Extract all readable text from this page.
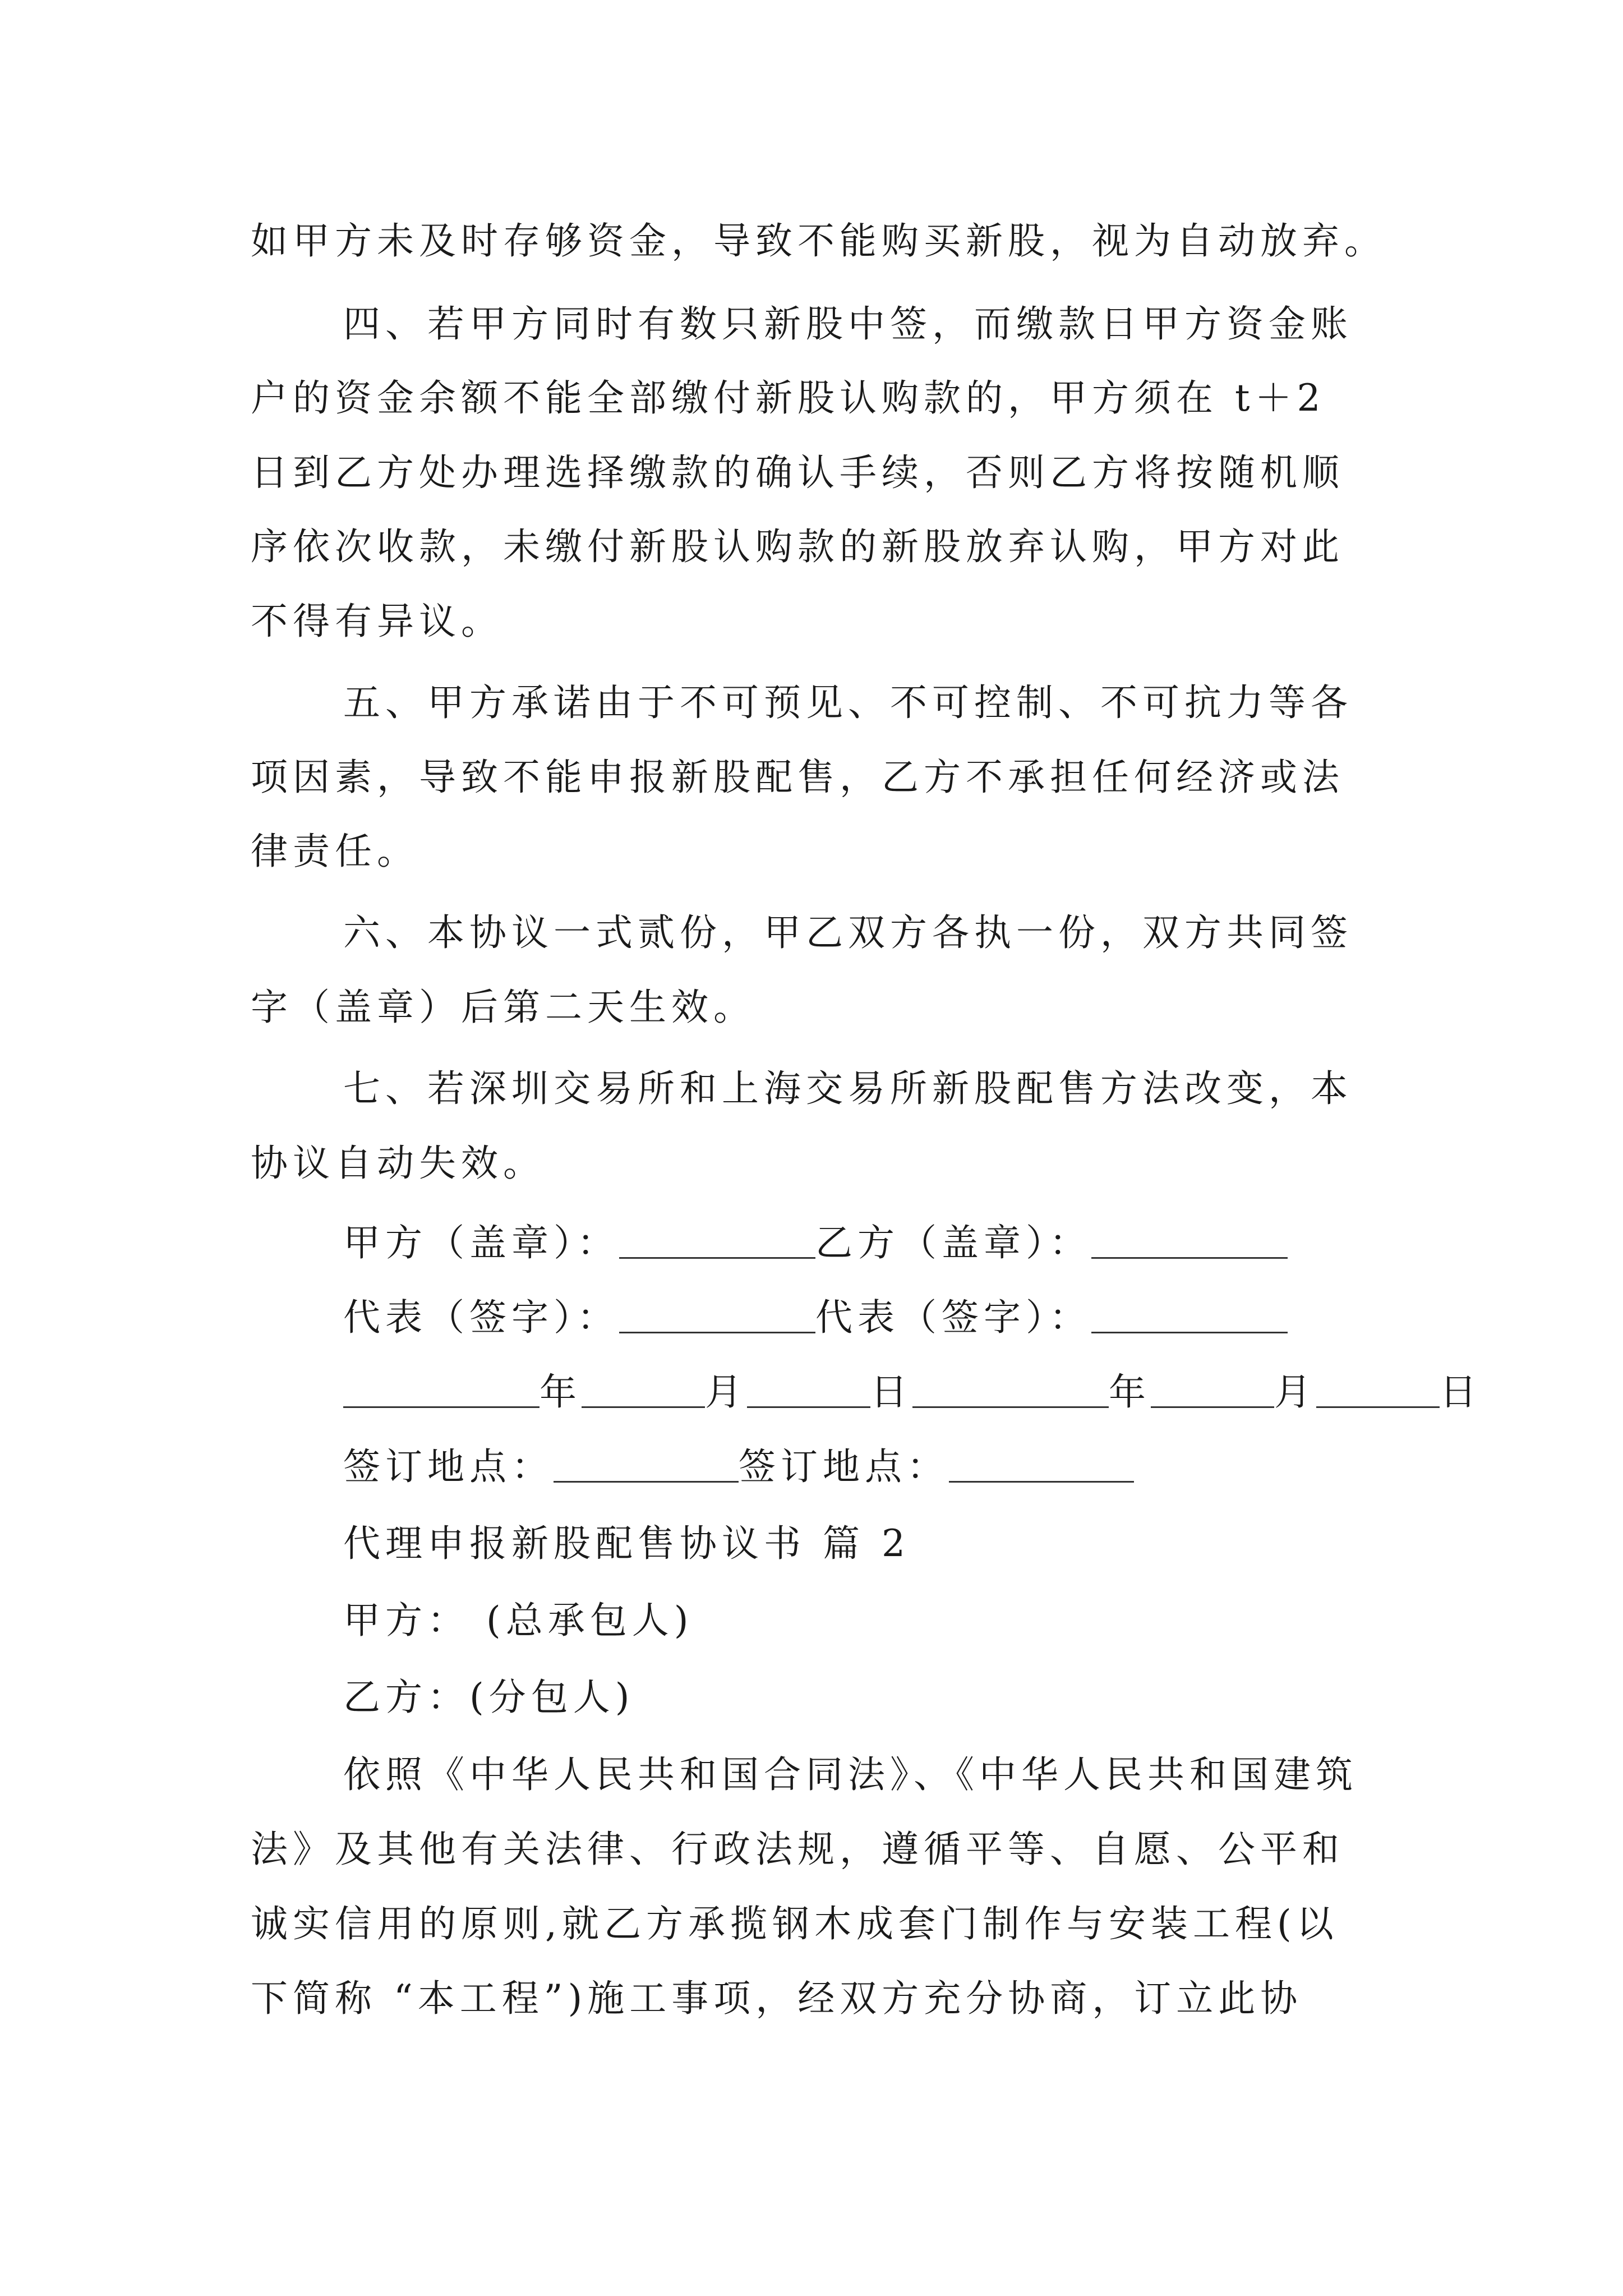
如甲方未及时存够资金，导致不能购买新股，视为自动放弃。
四、若甲方同时有数只新股中签，而缴款日甲方资金账
户的资金余额不能全部缴付新股认购款的，甲方须在 t＋2
日到乙方处办理选择缴款的确认手续，否则乙方将按随机顺
序依次收款，未缴付新股认购款的新股放弃认购，甲方对此
不得有异议。
五、甲方承诺由于不可预见、不可控制、不可抗力等各
项因素，导致不能申报新股配售，乙方不承担任何经济或法
律责任。
六、本协议一式贰份，甲乙双方各执一份，双方共同签
字（盖章）后第二天生效。
七、若深圳交易所和上海交易所新股配售方法改变，本
协议自动失效。
甲方（盖章）：	乙方（盖章）：
代表（签字）：	代表（签字）：
年	月	日	年	月	日
签订地点：	签订地点：
代理申报新股配售协议书 篇 2
甲方： (总承包人)
乙方：(分包人)
依照《中华人民共和国合同法》、《中华人民共和国建筑
法》及其他有关法律、行政法规，遵循平等、自愿、公平和
诚实信用的原则,就乙方承揽钢木成套门制作与安装工程(以
下简称 “本工程”)施工事项，经双方充分协商，订立此协
